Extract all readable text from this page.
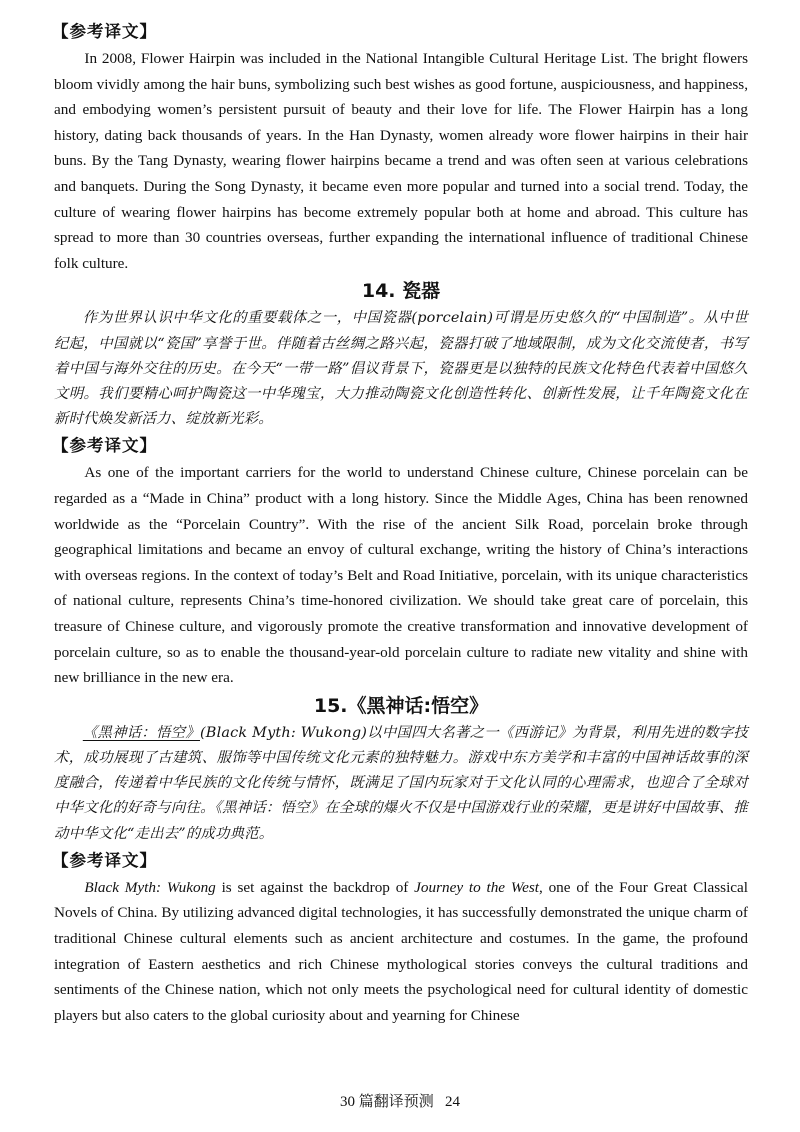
【参考译文】

In 2008, Flower Hairpin was included in the National Intangible Cultural Heritage List. The bright flowers bloom vividly among the hair buns, symbolizing such best wishes as good fortune, auspiciousness, and happiness, and embodying women’s persistent pursuit of beauty and their love for life. The Flower Hairpin has a long history, dating back thousands of years. In the Han Dynasty, women already wore flower hairpins in their hair buns. By the Tang Dynasty, wearing flower hairpins became a trend and was often seen at various celebrations and banquets. During the Song Dynasty, it became even more popular and turned into a social trend. Today, the culture of wearing flower hairpins has become extremely popular both at home and abroad. This culture has spread to more than 30 countries overseas, further expanding the international influence of traditional Chinese folk culture.

14. 瓷器

作为世界认识中华文化的重要载体之一，中国瓷器(porcelain)可谓是历史悠久的“中国制造”。从中世纪起，中国就以“瓷国”享誉于世。伴随着古丝绸之路兴起，瓷器打破了地域限制，成为文化交流使者，书写着中国与海外交往的历史。在今天“一带一路”倡议背景下，瓷器更是以独特的民族文化特色代表着中国悠久文明。我们要精心呵护陶瓷这一中华瑰宝，大力推动陶瓷文化创造性转化、创新性发展，让千年陶瓷文化在新时代焕发新活力、绽放新光彩。

【参考译文】

As one of the important carriers for the world to understand Chinese culture, Chinese porcelain can be regarded as a “Made in China” product with a long history. Since the Middle Ages, China has been renowned worldwide as the “Porcelain Country”. With the rise of the ancient Silk Road, porcelain broke through geographical limitations and became an envoy of cultural exchange, writing the history of China’s interactions with overseas regions. In the context of today’s Belt and Road Initiative, porcelain, with its unique characteristics of national culture, represents China’s time-honored civilization. We should take great care of porcelain, this treasure of Chinese culture, and vigorously promote the creative transformation and innovative development of porcelain culture, so as to enable the thousand-year-old porcelain culture to radiate new vitality and shine with new brilliance in the new era.

15.《黑神话:悟空》

《黑神话：悟空》(Black Myth: Wukong)以中国四大名著之一《西游记》为背景，利用先进的数字技术，成功展现了古建筑、服饰等中国传统文化元素的独特魅力。游戏中东方美学和丰富的中国神话故事的深度融合，传递着中华民族的文化传统与情怀，既满足了国内玩家对于文化认同的心理需求，也迎合了全球对中华文化的好奇与向往。《黑神话：悟空》在全球的爆火不仅是中国游戏行业的荣耀，更是讲好中国故事、推动中华文化“走出去”的成功典范。

【参考译文】

Black Myth: Wukong is set against the backdrop of Journey to the West, one of the Four Great Classical Novels of China. By utilizing advanced digital technologies, it has successfully demonstrated the unique charm of traditional Chinese cultural elements such as ancient architecture and costumes. In the game, the profound integration of Eastern aesthetics and rich Chinese mythological stories conveys the cultural traditions and sentiments of the Chinese nation, which not only meets the psychological need for cultural identity of domestic players but also caters to the global curiosity about and yearning for Chinese

30 篇翻译预测 24
